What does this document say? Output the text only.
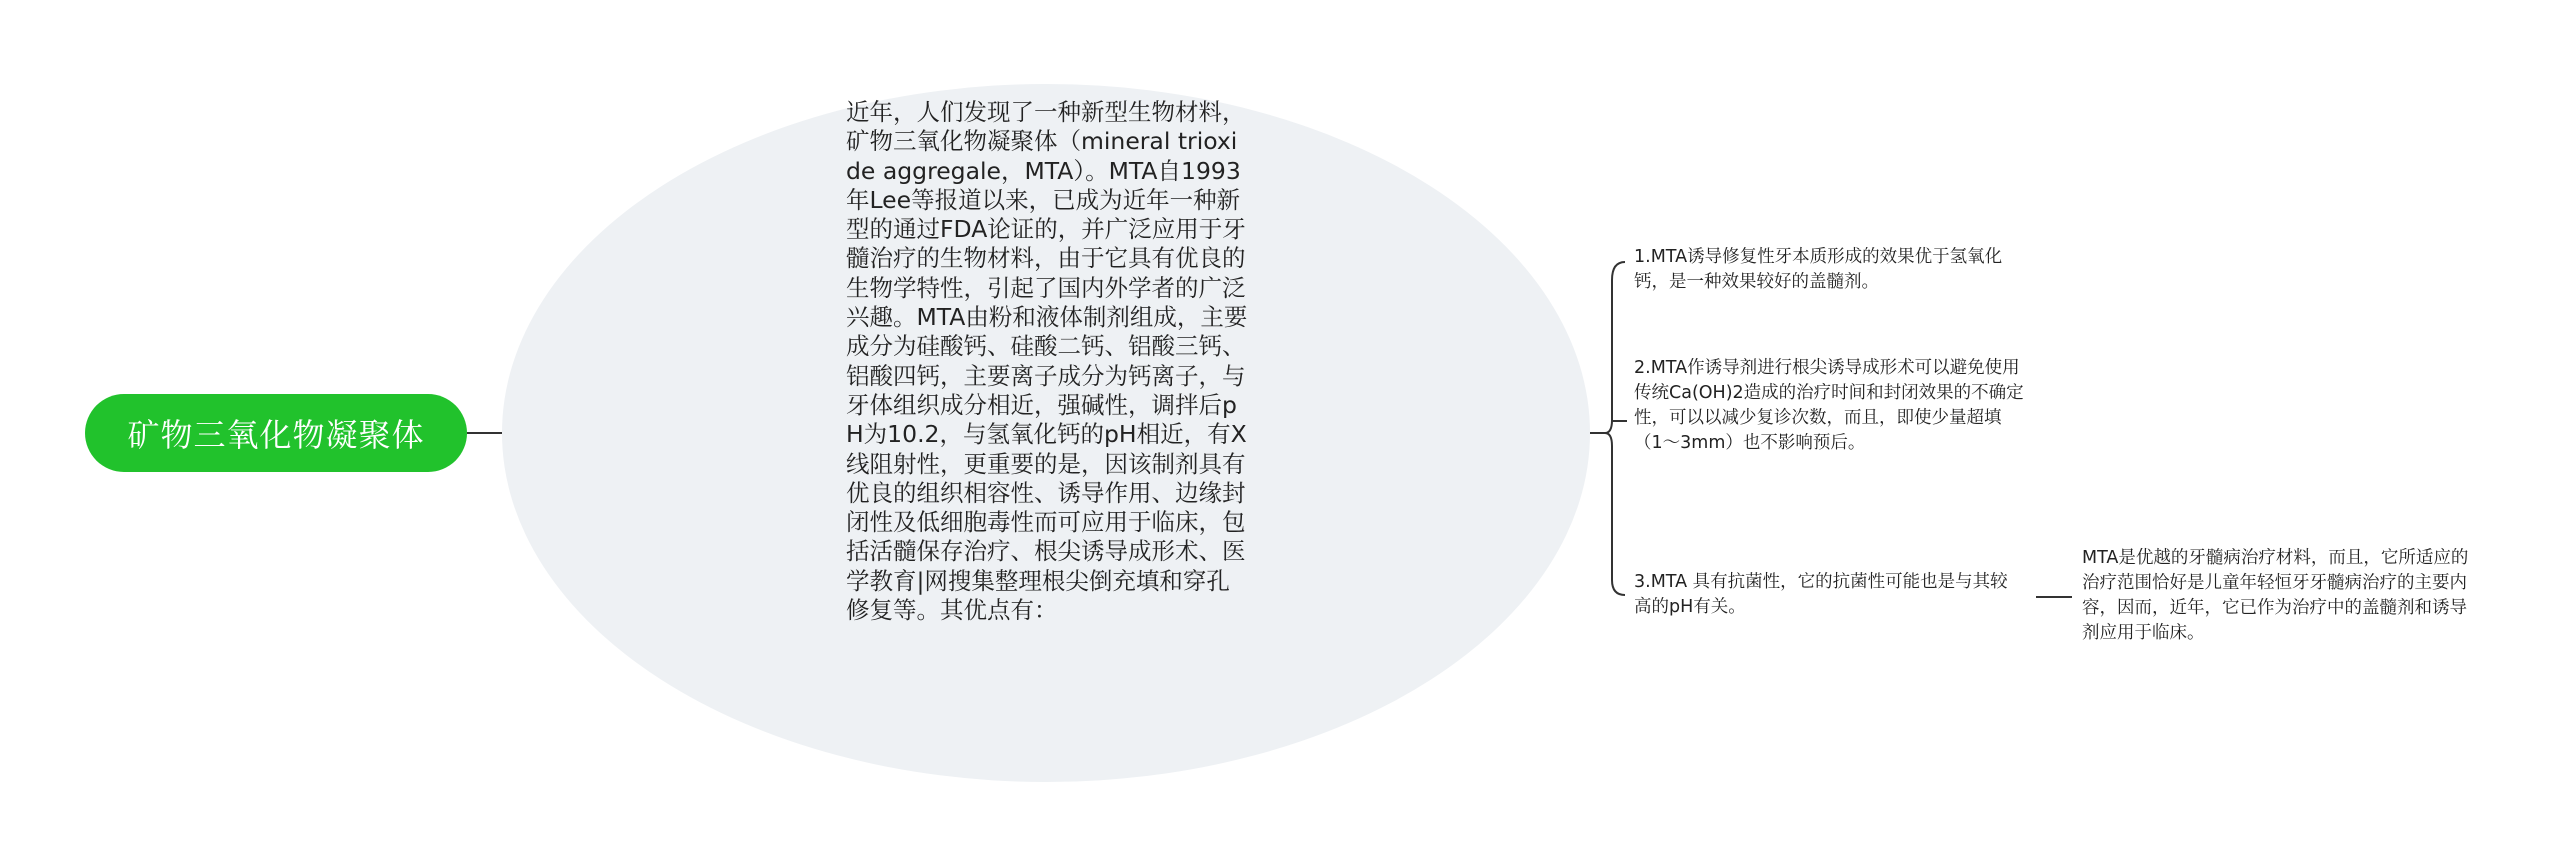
矿物三氧化物凝聚体
近年，人们发现了一种新型生物材料，矿物三氧化物凝聚体（mineral trioxide aggregale，MTA）。MTA自1993年Lee等报道以来，已成为近年一种新型的通过FDA论证的，并广泛应用于牙髓治疗的生物材料，由于它具有优良的生物学特性，引起了国内外学者的广泛兴趣。MTA由粉和液体制剂组成，主要成分为硅酸钙、硅酸二钙、铝酸三钙、铝酸四钙，主要离子成分为钙离子，与牙体组织成分相近，强碱性，调拌后pH为10.2，与氢氧化钙的pH相近，有X线阻射性，更重要的是，因该制剂具有优良的组织相容性、诱导作用、边缘封闭性及低细胞毒性而可应用于临床，包括活髓保存治疗、根尖诱导成形术、医学教育|网搜集整理根尖倒充填和穿孔修复等。其优点有：
1.MTA诱导修复性牙本质形成的效果优于氢氧化钙，是一种效果较好的盖髓剂。
2.MTA作诱导剂进行根尖诱导成形术可以避免使用传统Ca(OH)2造成的治疗时间和封闭效果的不确定性，可以以减少复诊次数，而且，即使少量超填（1～3mm）也不影响预后。
3.MTA 具有抗菌性，它的抗菌性可能也是与其较高的pH有关。
MTA是优越的牙髓病治疗材料，而且，它所适应的治疗范围恰好是儿童年轻恒牙牙髓病治疗的主要内容，因而，近年，它已作为治疗中的盖髓剂和诱导剂应用于临床。
